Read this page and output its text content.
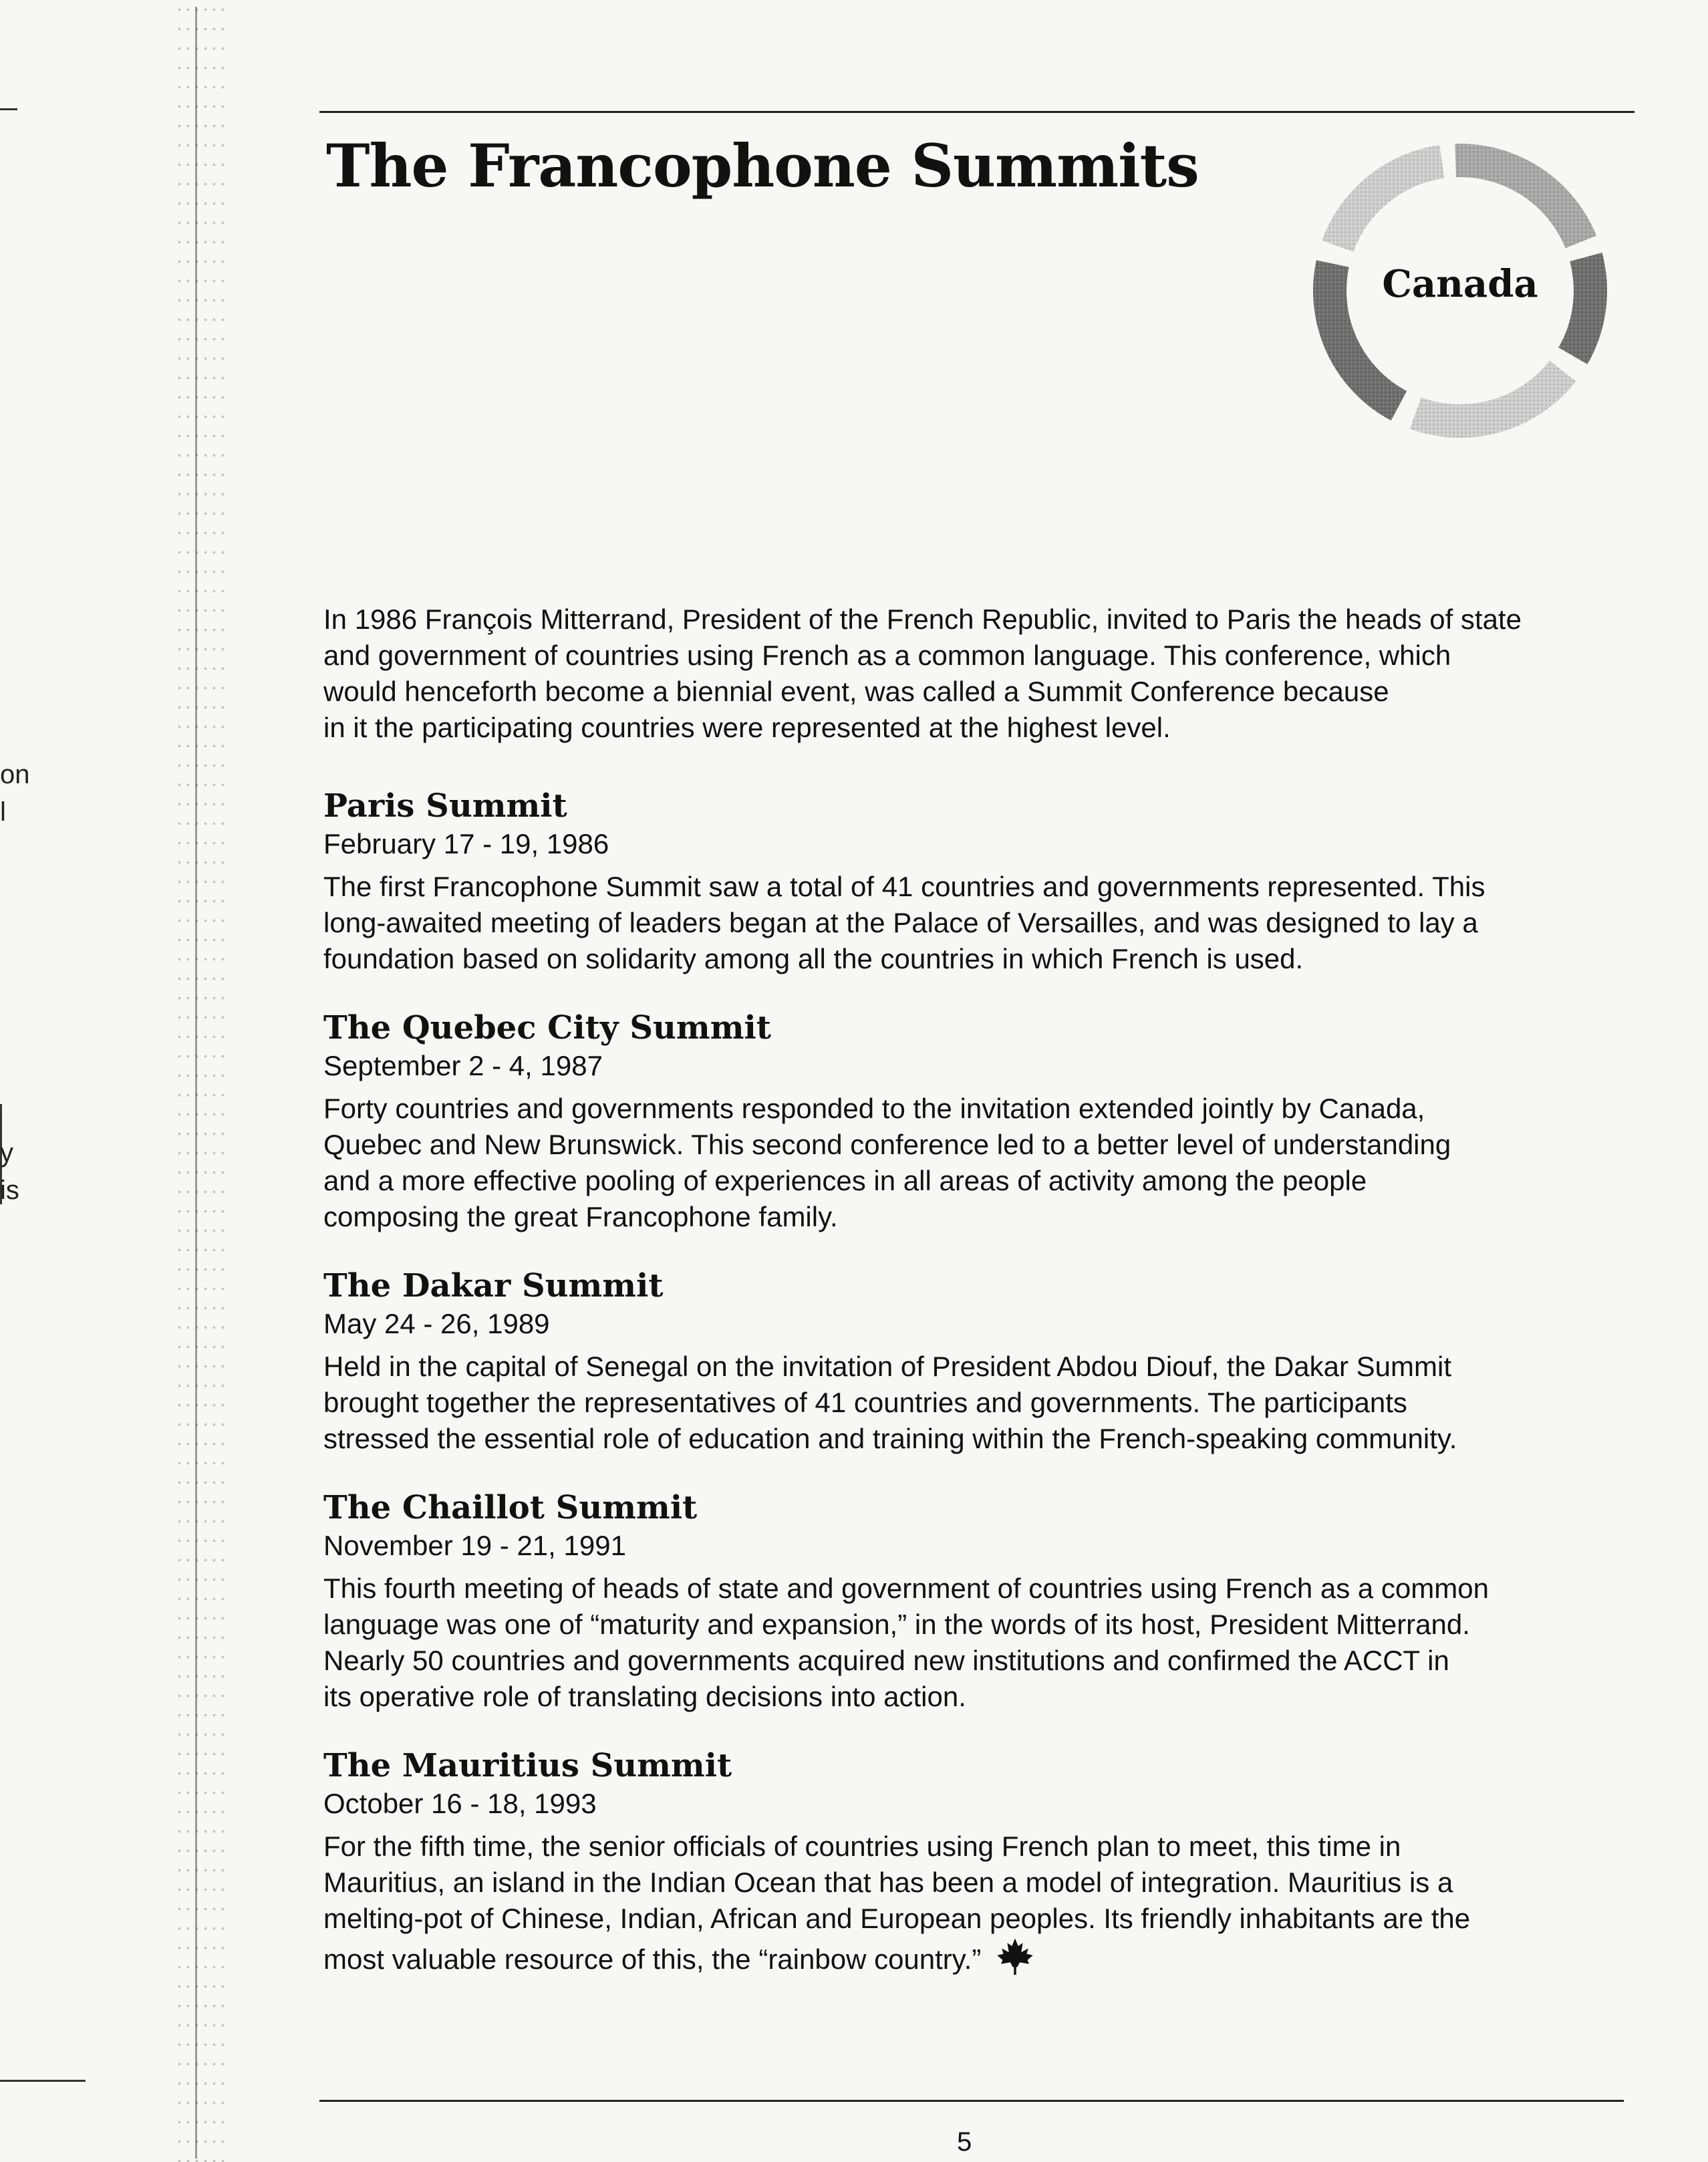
on
l
y
is
The Francophone Summits
Canada

In 1986 François Mitterrand, President of the French Republic, invited to Paris the heads of state

and government of countries using French as a common language. This conference, which

would henceforth become a biennial event, was called a Summit Conference because

in it the participating countries were represented at the highest level.

Paris Summit

February 17 - 19, 1986

The first Francophone Summit saw a total of 41 countries and governments represented. This

long-awaited meeting of leaders began at the Palace of Versailles, and was designed to lay a

foundation based on solidarity among all the countries in which French is used.

The Quebec City Summit

September 2 - 4, 1987

Forty countries and governments responded to the invitation extended jointly by Canada,

Quebec and New Brunswick. This second conference led to a better level of understanding

and a more effective pooling of experiences in all areas of activity among the people

composing the great Francophone family.

The Dakar Summit

May 24 - 26, 1989

Held in the capital of Senegal on the invitation of President Abdou Diouf, the Dakar Summit

brought together the representatives of 41 countries and governments. The participants

stressed the essential role of education and training within the French-speaking community.

The Chaillot Summit

November 19 - 21, 1991

This fourth meeting of heads of state and government of countries using French as a common

language was one of “maturity and expansion,” in the words of its host, President Mitterrand.

Nearly 50 countries and governments acquired new institutions and confirmed the ACCT in

its operative role of translating decisions into action.

The Mauritius Summit

October 16 - 18, 1993

For the fifth time, the senior officials of countries using French plan to meet, this time in

Mauritius, an island in the Indian Ocean that has been a model of integration. Mauritius is a

melting-pot of Chinese, Indian, African and European peoples. Its friendly inhabitants are the

most valuable resource of this, the “rainbow country.”

5
